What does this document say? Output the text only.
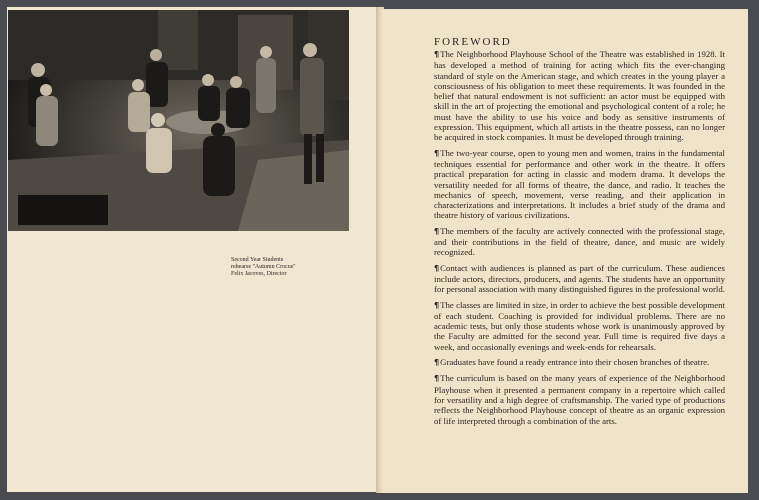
Second Year Students
rehearse "Autumn Crocus"
Felix Jacoves, Director
FOREWORD

¶The Neighborhood Playhouse School of the Theatre was established in 1928. It has developed a method of training for acting which fits the ever-changing standard of style on the American stage, and which creates in the young player a consciousness of his obligation to meet these requirements. It was founded in the belief that natural endowment is not sufficient: an actor must be equipped with skill in the art of projecting the emotional and psychological content of a role; he must have the ability to use his voice and body as sensitive instruments of expression. This equipment, which all artists in the theatre possess, can no longer be acquired in stock companies. It must be developed through training.

¶The two-year course, open to young men and women, trains in the fundamental techniques essential for performance and other work in the theatre. It offers practical preparation for acting in classic and modern drama. It develops the versatility needed for all forms of theatre, the dance, and radio. It teaches the mechanics of speech, movement, verse reading, and their application in characterizations and interpretations. It includes a brief study of the drama and theatre history of various civilizations.

¶The members of the faculty are actively connected with the professional stage, and their contributions in the field of theatre, dance, and music are widely recognized.

¶Contact with audiences is planned as part of the curriculum. These audiences include actors, directors, producers, and agents. The students have an opportunity for personal association with many distinguished figures in the professional world.

¶The classes are limited in size, in order to achieve the best possible development of each student. Coaching is provided for individual problems. There are no academic tests, but only those students whose work is unanimously approved by the Faculty are admitted for the second year. Full time is required five days a week, and occasionally evenings and week-ends for rehearsals.

¶Graduates have found a ready entrance into their chosen branches of theatre.

¶The curriculum is based on the many years of experience of the Neighborhood Playhouse when it presented a permanent company in a repertoire which called for versatility and a high degree of craftsmanship. The varied type of productions reflects the Neighborhood Playhouse concept of theatre as an organic expression of life interpreted through a combination of the arts.
